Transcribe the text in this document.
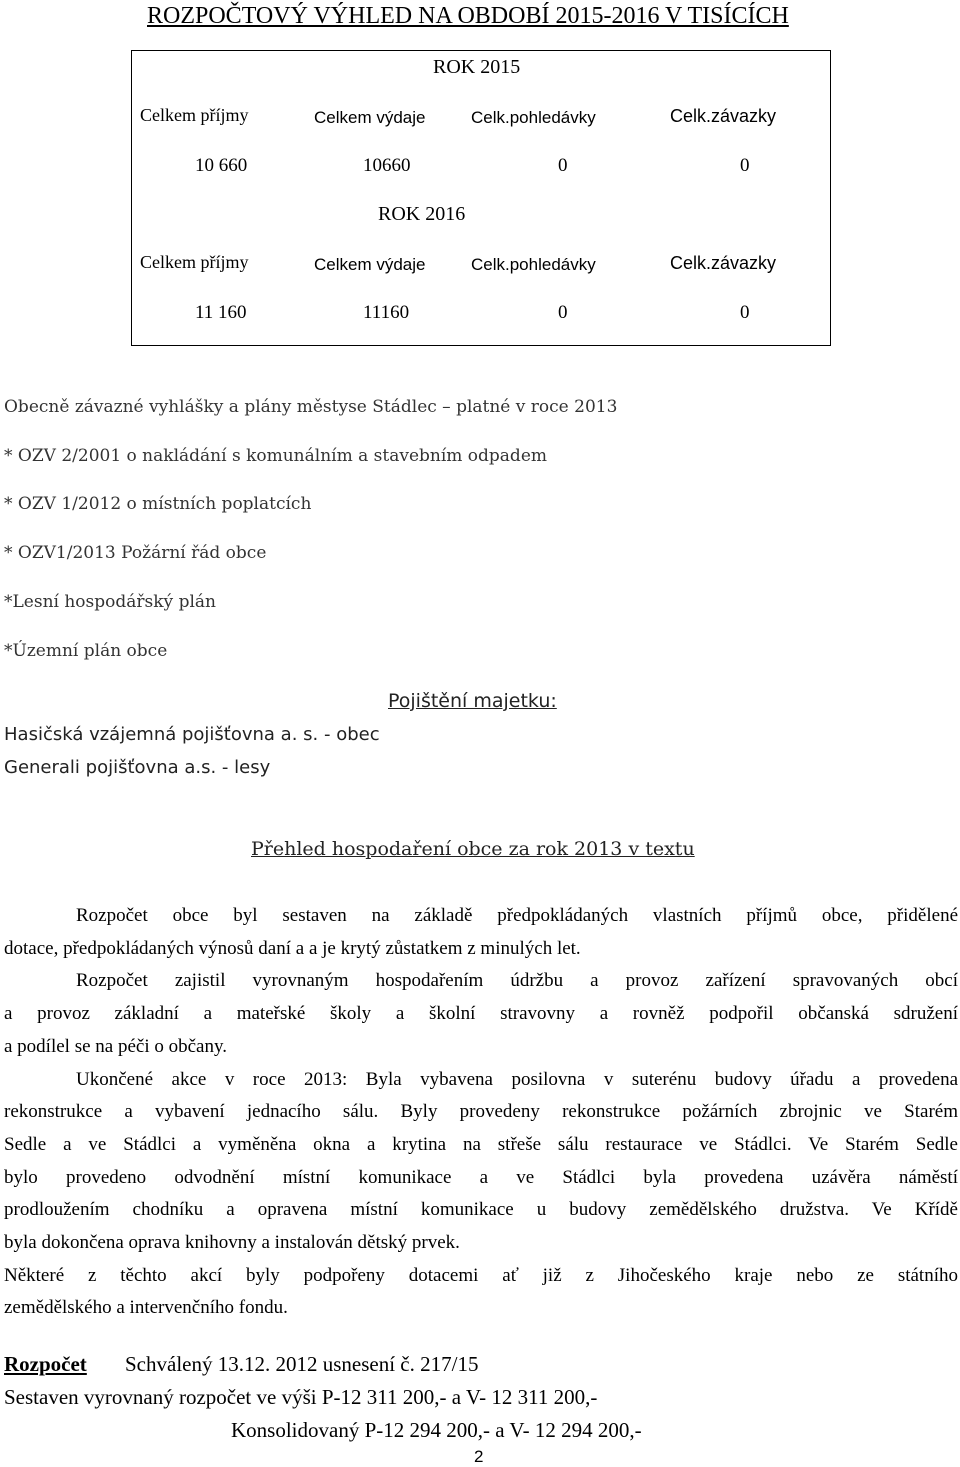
ROZPOČTOVÝ VÝHLED NA OBDOBÍ 2015-2016 V TISÍCÍCH
ROK 2015
Celkem příjmy	Celkem výdaje	Celk.pohledávky	Celk.závazky
10 660	10660	0	0
ROK 2016
Celkem příjmy	Celkem výdaje	Celk.pohledávky	Celk.závazky
11 160	11160	0	0
Obecně závazné vyhlášky a plány městyse Stádlec – platné v roce 2013
* OZV 2/2001 o nakládání s komunálním a stavebním odpadem
* OZV 1/2012 o místních poplatcích
* OZV1/2013 Požární řád obce
*Lesní hospodářský plán
*Územní plán obce
Pojištění majetku:
Hasičská vzájemná pojišťovna a. s. - obec
Generali pojišťovna a.s. - lesy
Přehled hospodaření obce za rok 2013 v textu
Rozpočet obce byl sestaven na základě předpokládaných vlastních příjmů obce, přidělené
dotace, předpokládaných výnosů daní a a je krytý zůstatkem z minulých let.
Rozpočet zajistil vyrovnaným hospodařením údržbu a provoz zařízení spravovaných obcí
a provoz základní a mateřské školy a školní stravovny a rovněž podpořil občanská sdružení
a podílel se na péči o občany.
Ukončené akce v roce 2013: Byla vybavena posilovna v suterénu budovy úřadu a provedena
rekonstrukce a vybavení jednacího sálu. Byly provedeny rekonstrukce požárních zbrojnic ve Starém
Sedle a ve Stádlci a vyměněna okna a krytina na střeše sálu restaurace ve Stádlci. Ve Starém Sedle
bylo provedeno odvodnění místní komunikace a ve Stádlci byla provedena uzávěra náměstí
prodloužením chodníku a opravena místní komunikace u budovy zemědělského družstva. Ve Křídě
byla dokončena oprava knihovny a instalován dětský prvek.
Některé z těchto akcí byly podpořeny dotacemi ať již z Jihočeského kraje nebo ze státního
zemědělského a intervenčního fondu.
Rozpočet	Schválený 13.12. 2012 usnesení č. 217/15
Sestaven vyrovnaný rozpočet ve výši P-12 311 200,- a V- 12 311 200,-
Konsolidovaný P-12 294 200,- a V- 12 294 200,-
2
